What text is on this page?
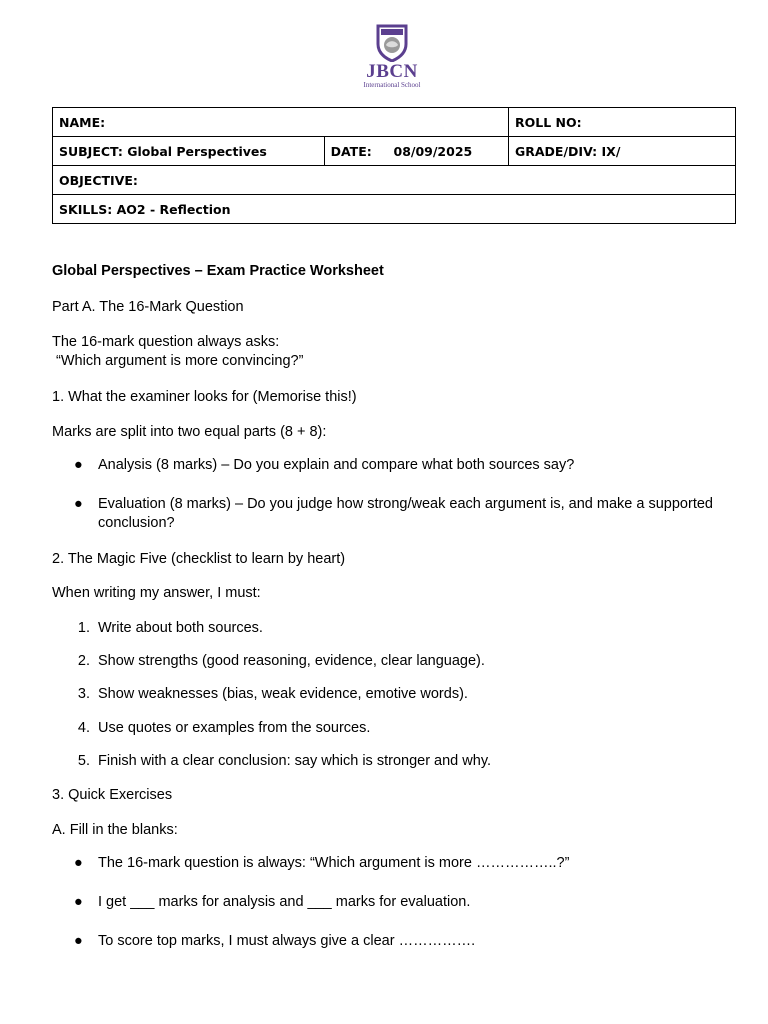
JBCN
International School
NAME:		ROLL NO:
SUBJECT: Global Perspectives	DATE:     08/09/2025	GRADE/DIV: IX/
OBJECTIVE:		
SKILLS: AO2 - Reflection		
Global Perspectives – Exam Practice Worksheet
Part A. The 16-Mark Question
The 16-mark question always asks:
“Which argument is more convincing?”
1. What the examiner looks for (Memorise this!)
Marks are split into two equal parts (8 + 8):
● Analysis (8 marks) – Do you explain and compare what both sources say?
● Evaluation (8 marks) – Do you judge how strong/weak each argument is, and make a supported conclusion?
2. The Magic Five (checklist to learn by heart)
When writing my answer, I must:
1. Write about both sources.
2. Show strengths (good reasoning, evidence, clear language).
3. Show weaknesses (bias, weak evidence, emotive words).
4. Use quotes or examples from the sources.
5. Finish with a clear conclusion: say which is stronger and why.
3. Quick Exercises
A. Fill in the blanks:
● The 16-mark question is always: “Which argument is more ……………..?”
● I get ___ marks for analysis and ___ marks for evaluation.
● To score top marks, I must always give a clear …………….
